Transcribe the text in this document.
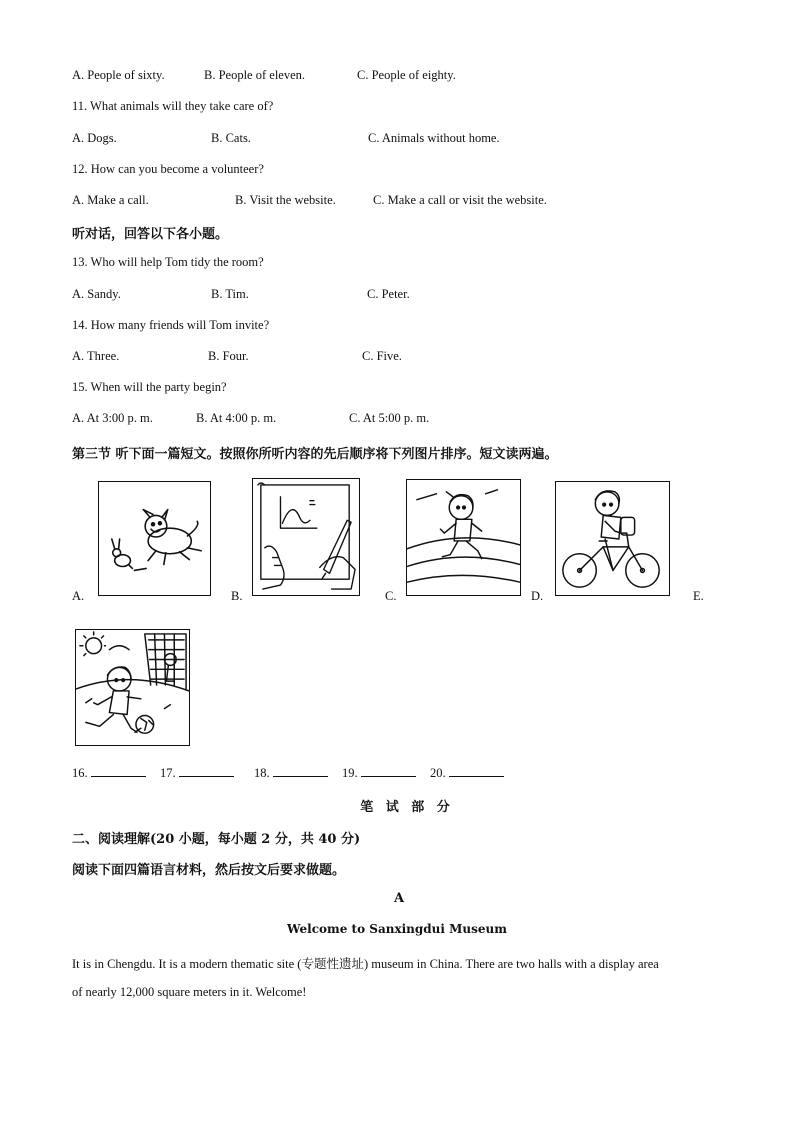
A. People of sixty.	B. People of eleven.	C. People of eighty.
11. What animals will they take care of?
A. Dogs.	B. Cats.	C. Animals without home.
12. How can you become a volunteer?
A. Make a call.	B. Visit the website.	C. Make a call or visit the website.
听对话，回答以下各小题。
13. Who will help Tom tidy the room?
A. Sandy.	B. Tim.	C. Peter.
14. How many friends will Tom invite?
A. Three.	B. Four.	C. Five.
15. When will the party begin?
A. At 3:00 p. m.	B. At 4:00 p. m.	C. At 5:00 p. m.
第三节 听下面一篇短文。按照你所听内容的先后顺序将下列图片排序。短文读两遍。
A.	B.	C.	D.	E.
16.	17.	18.	19.	20.
笔 试 部 分
二、阅读理解(20 小题，每小题 2 分，共 40 分)
阅读下面四篇语言材料，然后按文后要求做题。
A
Welcome to Sanxingdui Museum
It is in Chengdu. It is a modern thematic site (专题性遗址) museum in China. There are two halls with a display area
of nearly 12,000 square meters in it. Welcome!
